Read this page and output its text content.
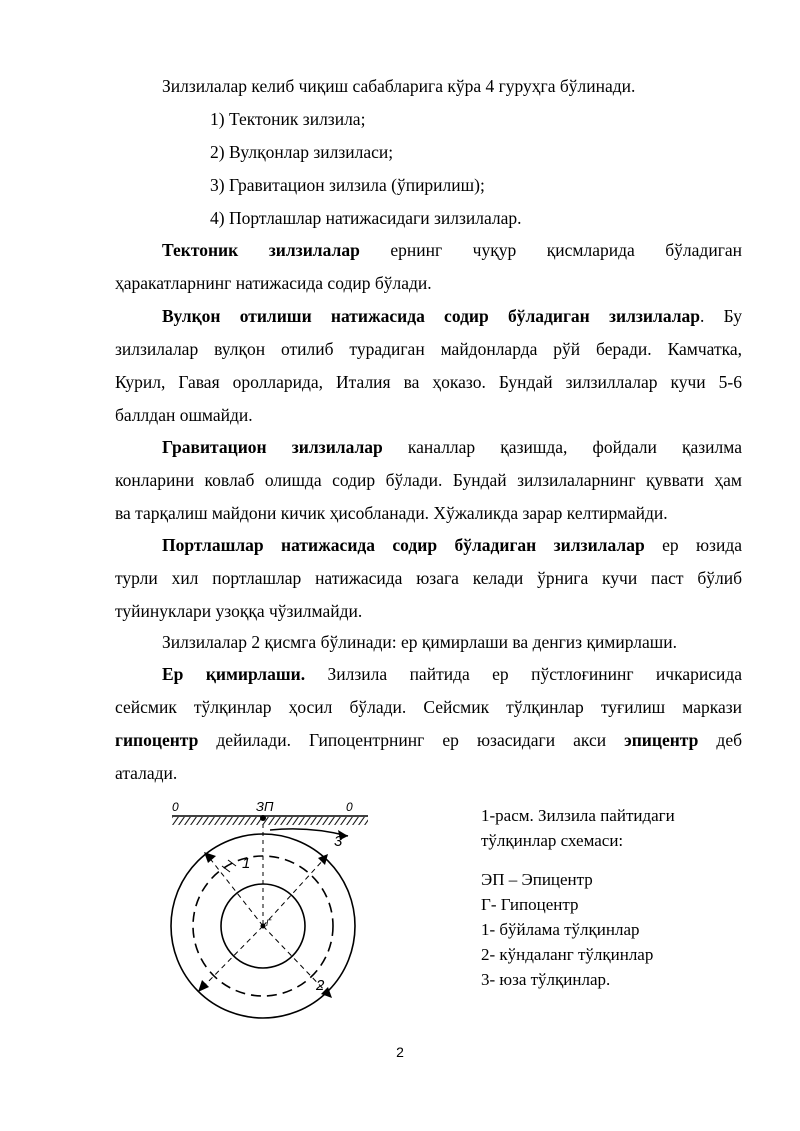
Зилзилалар келиб чиқиш сабабларига кўра 4 гуруҳга бўлинади.
1) Тектоник зилзила;
2) Вулқонлар зилзиласи;
3) Гравитацион зилзила (ўпирилиш);
4) Портлашлар натижасидаги зилзилалар.
Тектоник зилзилалар ернинг чуқур қисмларида бўладиган
ҳаракатларнинг натижасида содир бўлади.
Вулқон отилиши натижасида содир бўладиган зилзилалар. Бу
зилзилалар вулқон отилиб турадиган майдонларда рўй беради. Камчатка,
Курил, Гавая оролларида, Италия ва ҳоказо. Бундай зилзиллалар кучи 5-6
баллдан ошмайди.
Гравитацион зилзилалар каналлар қазишда, фойдали қазилма
конларини ковлаб олишда содир бўлади. Бундай зилзилаларнинг қуввати ҳам
ва тарқалиш майдони кичик ҳисобланади. Хўжаликда зарар келтирмайди.
Портлашлар натижасида содир бўладиган зилзилалар ер юзида
турли хил портлашлар натижасида юзага келади ўрнига кучи паст бўлиб
туйинуклари узоққа чўзилмайди.
Зилзилалар 2 қисмга бўлинади: ер қимирлаши ва денгиз қимирлаши.
Ер қимирлаши. Зилзила пайтида ер пўстлоғининг ичкарисида
сейсмик тўлқинлар ҳосил бўлади. Сейсмик тўлқинлар туғилиш маркази
гипоцентр дейилади. Гипоцентрнинг ер юзасидаги акси эпицентр деб
аталади.
0	ЗП	0
1
2
3
Г
1-расм. Зилзила пайтидаги
тўлқинлар схемаси:
ЭП – Эпицентр
Г- Гипоцентр
1- бўйлама тўлқинлар
2- кўндаланг тўлқинлар
3- юза тўлқинлар.
2
